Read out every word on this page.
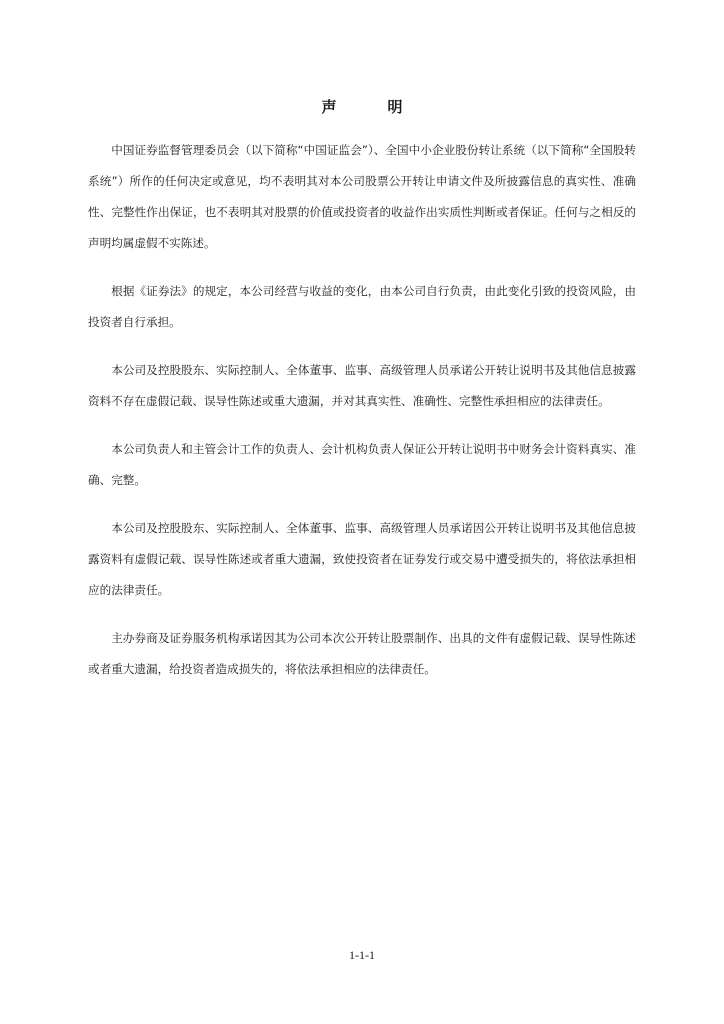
声　明

中国证券监督管理委员会（以下简称“中国证监会”）、全国中小企业股份转让系统（以下简称“全国股转系统”）所作的任何决定或意见，均不表明其对本公司股票公开转让申请文件及所披露信息的真实性、准确性、完整性作出保证，也不表明其对股票的价值或投资者的收益作出实质性判断或者保证。任何与之相反的声明均属虚假不实陈述。

根据《证券法》的规定，本公司经营与收益的变化，由本公司自行负责，由此变化引致的投资风险，由投资者自行承担。

本公司及控股股东、实际控制人、全体董事、监事、高级管理人员承诺公开转让说明书及其他信息披露资料不存在虚假记载、误导性陈述或重大遗漏，并对其真实性、准确性、完整性承担相应的法律责任。

本公司负责人和主管会计工作的负责人、会计机构负责人保证公开转让说明书中财务会计资料真实、准确、完整。

本公司及控股股东、实际控制人、全体董事、监事、高级管理人员承诺因公开转让说明书及其他信息披露资料有虚假记载、误导性陈述或者重大遗漏，致使投资者在证券发行或交易中遭受损失的，将依法承担相应的法律责任。

主办券商及证券服务机构承诺因其为公司本次公开转让股票制作、出具的文件有虚假记载、误导性陈述或者重大遗漏，给投资者造成损失的，将依法承担相应的法律责任。

1-1-1
